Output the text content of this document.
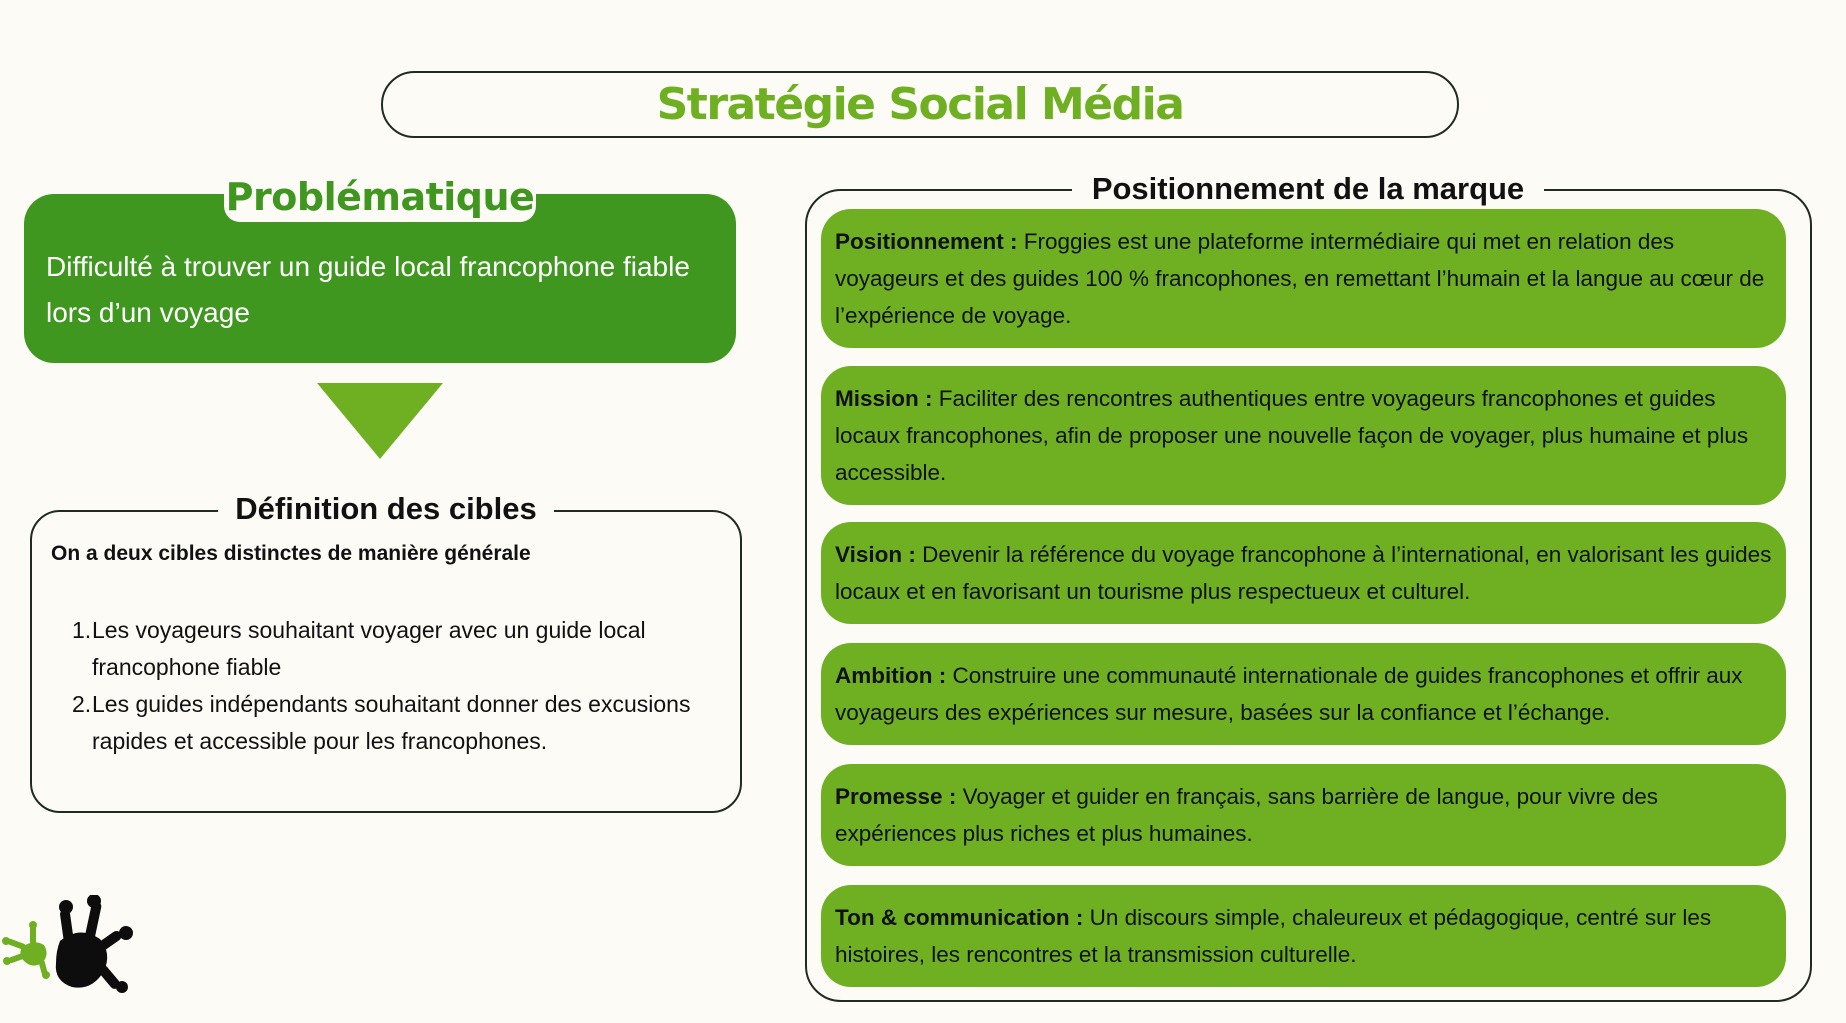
Stratégie Social Média

Difficulté à trouver un guide local francophone fiable lors d’un voyage

Problématique
Définition des cibles
On a deux cibles distinctes de manière générale
1. Les voyageurs souhaitant voyager avec un guide local francophone fiable
2. Les guides indépendants souhaitant donner des excusions rapides et accessible pour les francophones.
Positionnement de la marque

Positionnement : Froggies est une plateforme intermédiaire qui met en relation des voyageurs et des guides 100 % francophones, en remettant l’humain et la langue au cœur de l’expérience de voyage.

Mission : Faciliter des rencontres authentiques entre voyageurs francophones et guides locaux francophones, afin de proposer une nouvelle façon de voyager, plus humaine et plus accessible.

Vision : Devenir la référence du voyage francophone à l’international, en valorisant les guides locaux et en favorisant un tourisme plus respectueux et culturel.

Ambition : Construire une communauté internationale de guides francophones et offrir aux voyageurs des expériences sur mesure, basées sur la confiance et l’échange.

Promesse : Voyager et guider en français, sans barrière de langue, pour vivre des expériences plus riches et plus humaines.

Ton & communication : Un discours simple, chaleureux et pédagogique, centré sur les histoires, les rencontres et la transmission culturelle.
